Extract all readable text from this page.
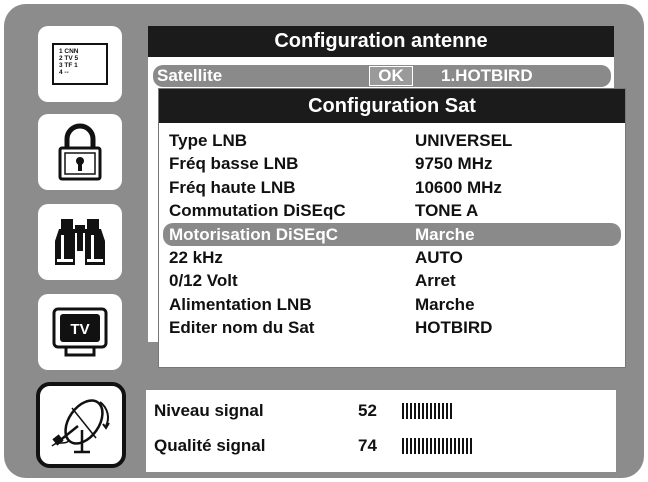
1 CNN
2 TV 5
3 TF 1
4 --
TV
Configuration antenne
Satellite	OK	1.HOTBIRD
Configuration Sat
Type LNB	UNIVERSEL
Fréq basse LNB	9750 MHz
Fréq haute LNB	10600 MHz
Commutation DiSEqC	TONE A
Motorisation DiSEqC	Marche
22 kHz	AUTO
0/12 Volt	Arret
Alimentation LNB	Marche
Editer nom du Sat	HOTBIRD
Niveau signal	52
Qualité signal	74
